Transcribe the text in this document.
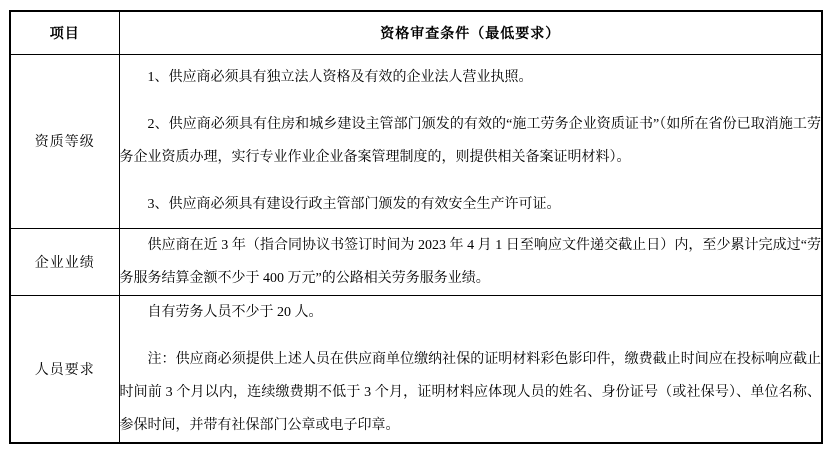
项目	资格审查条件（最低要求）
资质等级	1、供应商必须具有独立法人资格及有效的企业法人营业执照。

2、供应商必须具有住房和城乡建设主管部门颁发的有效的“施工劳务企业资质证书”（如所在省份已取消施工劳务企业资质办理，实行专业作业企业备案管理制度的，则提供相关备案证明材料）。

3、供应商必须具有建设行政主管部门颁发的有效安全生产许可证。

企业业绩	供应商在近 3 年（指合同协议书签订时间为 2023 年 4 月 1 日至响应文件递交截止日）内，至少累计完成过“劳务服务结算金额不少于 400 万元”的公路相关劳务服务业绩。

人员要求	自有劳务人员不少于 20 人。

注：供应商必须提供上述人员在供应商单位缴纳社保的证明材料彩色影印件，缴费截止时间应在投标响应截止时间前 3 个月以内，连续缴费期不低于 3 个月，证明材料应体现人员的姓名、身份证号（或社保号）、单位名称、参保时间，并带有社保部门公章或电子印章。
